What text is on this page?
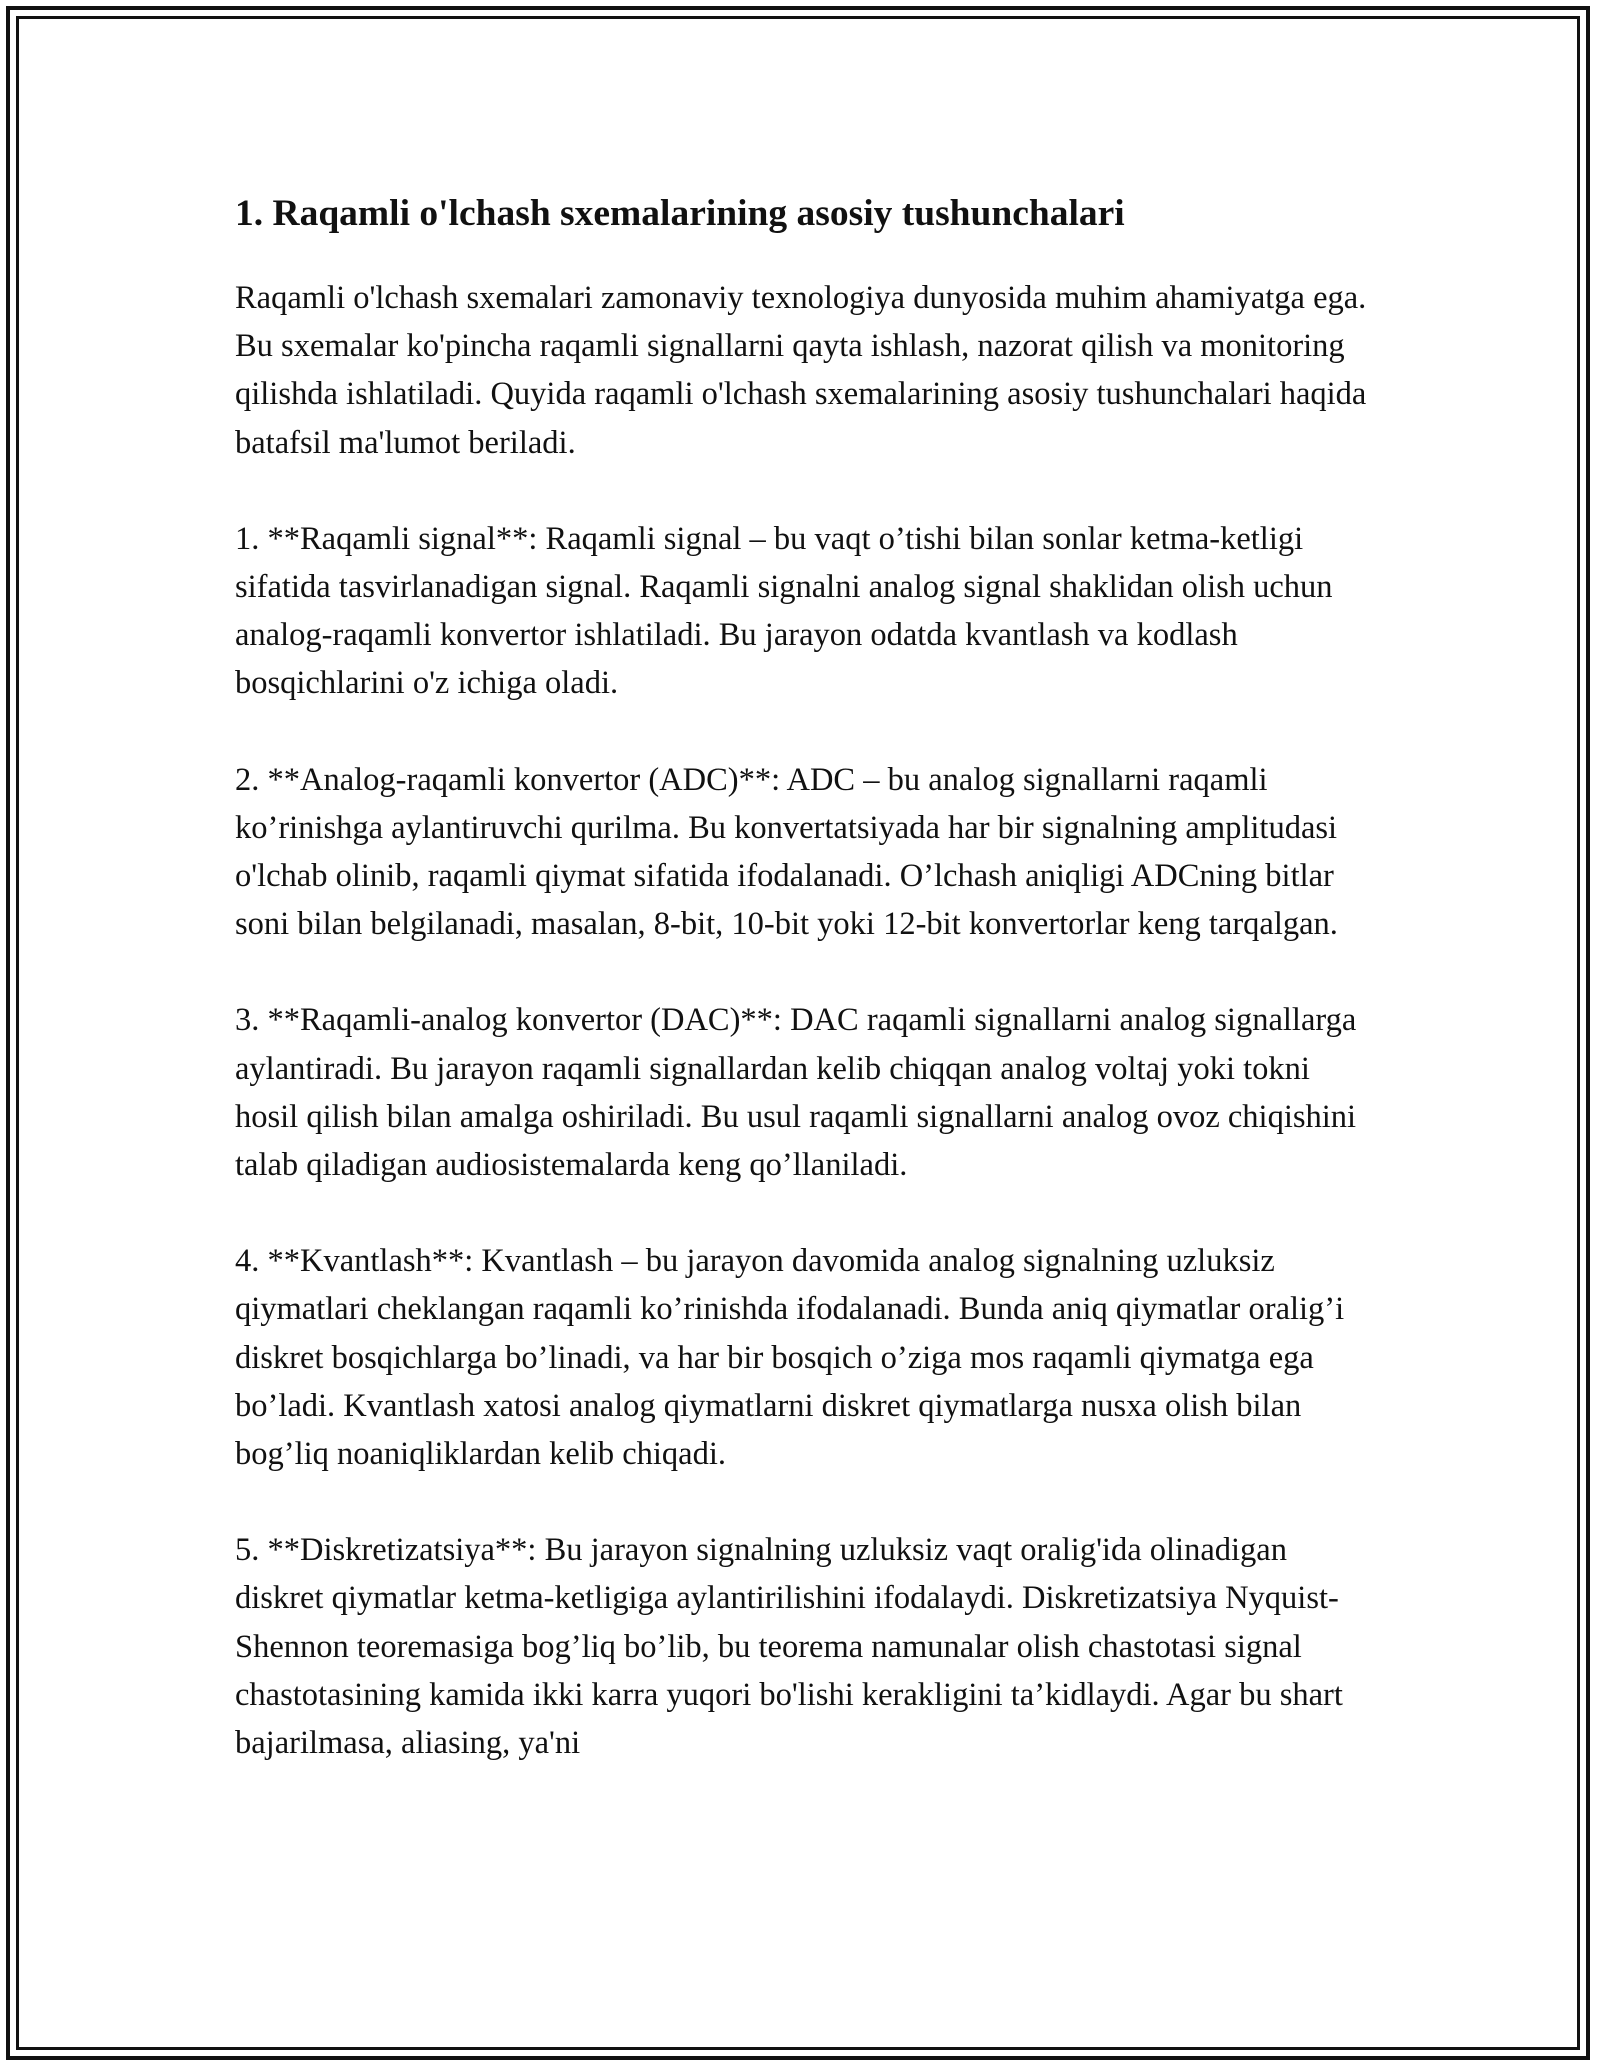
1. Raqamli o'lchash sxemalarining asosiy tushunchalari

Raqamli o'lchash sxemalari zamonaviy texnologiya dunyosida muhim ahamiyatga ega. Bu sxemalar ko'pincha raqamli signallarni qayta ishlash, nazorat qilish va monitoring qilishda ishlatiladi. Quyida raqamli o'lchash sxemalarining asosiy tushunchalari haqida batafsil ma'lumot beriladi.

1. **Raqamli signal**: Raqamli signal – bu vaqt o’tishi bilan sonlar ketma-ketligi sifatida tasvirlanadigan signal. Raqamli signalni analog signal shaklidan olish uchun analog-raqamli konvertor ishlatiladi. Bu jarayon odatda kvantlash va kodlash bosqichlarini o'z ichiga oladi.

2. **Analog-raqamli konvertor (ADC)**: ADC – bu analog signallarni raqamli ko’rinishga aylantiruvchi qurilma. Bu konvertatsiyada har bir signalning amplitudasi o'lchab olinib, raqamli qiymat sifatida ifodalanadi. O’lchash aniqligi ADCning bitlar soni bilan belgilanadi, masalan, 8-bit, 10-bit yoki 12-bit konvertorlar keng tarqalgan.

3. **Raqamli-analog konvertor (DAC)**: DAC raqamli signallarni analog signallarga aylantiradi. Bu jarayon raqamli signallardan kelib chiqqan analog voltaj yoki tokni hosil qilish bilan amalga oshiriladi. Bu usul raqamli signallarni analog ovoz chiqishini talab qiladigan audiosistemalarda keng qo’llaniladi.

4. **Kvantlash**: Kvantlash – bu jarayon davomida analog signalning uzluksiz qiymatlari cheklangan raqamli ko’rinishda ifodalanadi. Bunda aniq qiymatlar oralig’i diskret bosqichlarga bo’linadi, va har bir bosqich o’ziga mos raqamli qiymatga ega bo’ladi. Kvantlash xatosi analog qiymatlarni diskret qiymatlarga nusxa olish bilan bog’liq noaniqliklardan kelib chiqadi.

5. **Diskretizatsiya**: Bu jarayon signalning uzluksiz vaqt oralig'ida olinadigan diskret qiymatlar ketma-ketligiga aylantirilishini ifodalaydi. Diskretizatsiya Nyquist-Shennon teoremasiga bog’liq bo’lib, bu teorema namunalar olish chastotasi signal chastotasining kamida ikki karra yuqori bo'lishi kerakligini ta’kidlaydi. Agar bu shart bajarilmasa, aliasing, ya'ni
